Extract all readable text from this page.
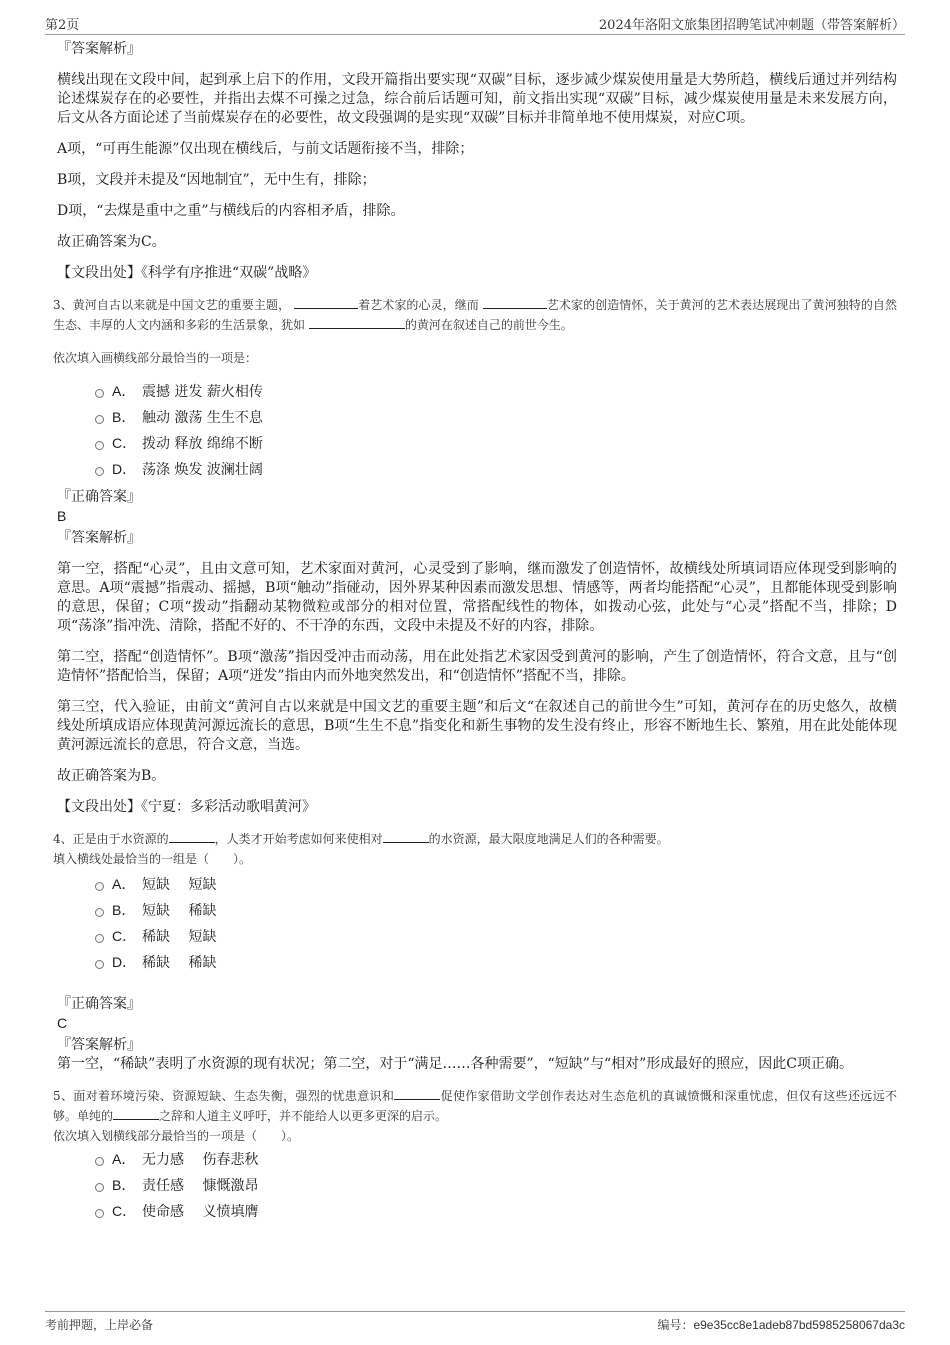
第2页	2024年洛阳文旅集团招聘笔试冲刺题（带答案解析）
『答案解析』

横线出现在文段中间，起到承上启下的作用，文段开篇指出要实现“双碳”目标，逐步减少煤炭使用量是大势所趋，横线后通过并列结构论述煤炭存在的必要性，并指出去煤不可操之过急，综合前后话题可知，前文指出实现“双碳”目标，减少煤炭使用量是未来发展方向，后文从各方面论述了当前煤炭存在的必要性，故文段强调的是实现“双碳”目标并非简单地不使用煤炭，对应C项。

A项，“可再生能源”仅出现在横线后，与前文话题衔接不当，排除；

B项，文段并未提及“因地制宜”，无中生有，排除；

D项，“去煤是重中之重”与横线后的内容相矛盾，排除。

故正确答案为C。

【文段出处】《科学有序推进“双碳”战略》
3、黄河自古以来就是中国文艺的重要主题，	着艺术家的心灵，继而	艺术家的创造情怀，关于黄河的艺术表达展现出了黄河独特的自然生态、丰厚的人文内涵和多彩的生活景象，犹如	的黄河在叙述自己的前世今生。
依次填入画横线部分最恰当的一项是：
A． 震撼 迸发 薪火相传
B． 触动 激荡 生生不息
C． 拨动 释放 绵绵不断
D． 荡涤 焕发 波澜壮阔
『正确答案』
B
『答案解析』

第一空，搭配“心灵”，且由文意可知，艺术家面对黄河，心灵受到了影响，继而激发了创造情怀，故横线处所填词语应体现受到影响的意思。A项“震撼”指震动、摇撼，B项“触动”指碰动，因外界某种因素而激发思想、情感等，两者均能搭配“心灵”，且都能体现受到影响的意思，保留；C项“拨动”指翻动某物微粒或部分的相对位置，常搭配线性的物体，如拨动心弦，此处与“心灵”搭配不当，排除；D项“荡涤”指冲洗、清除，搭配不好的、不干净的东西，文段中未提及不好的内容，排除。

第二空，搭配“创造情怀”。B项“激荡”指因受冲击而动荡，用在此处指艺术家因受到黄河的影响，产生了创造情怀，符合文意，且与“创造情怀”搭配恰当，保留；A项“迸发”指由内而外地突然发出，和“创造情怀”搭配不当，排除。

第三空，代入验证，由前文“黄河自古以来就是中国文艺的重要主题”和后文“在叙述自己的前世今生”可知，黄河存在的历史悠久，故横线处所填成语应体现黄河源远流长的意思，B项“生生不息”指变化和新生事物的发生没有终止，形容不断地生长、繁殖，用在此处能体现黄河源远流长的意思，符合文意，当选。

故正确答案为B。

【文段出处】《宁夏：多彩活动歌唱黄河》
4、正是由于水资源的	，人类才开始考虑如何来使相对	的水资源，最大限度地满足人们的各种需要。
填入横线处最恰当的一组是（　　）。
A． 短缺　 短缺
B． 短缺　 稀缺
C． 稀缺　 短缺
D． 稀缺　 稀缺
『正确答案』
C
『答案解析』

第一空，“稀缺”表明了水资源的现有状况；第二空，对于“满足……各种需要”，“短缺”与“相对”形成最好的照应，因此C项正确。

5、面对着环境污染、资源短缺、生态失衡，强烈的忧患意识和	促使作家借助文学创作表达对生态危机的真诚愤慨和深重忧虑，但仅有这些还远远不够。单纯的	之辞和人道主义呼吁，并不能给人以更多更深的启示。
依次填入划横线部分最恰当的一项是（　　）。
A． 无力感　 伤春悲秋
B． 责任感　 慷慨激昂
C． 使命感　 义愤填膺
考前押题，上岸必备	编号：e9e35cc8e1adeb87bd5985258067da3c
